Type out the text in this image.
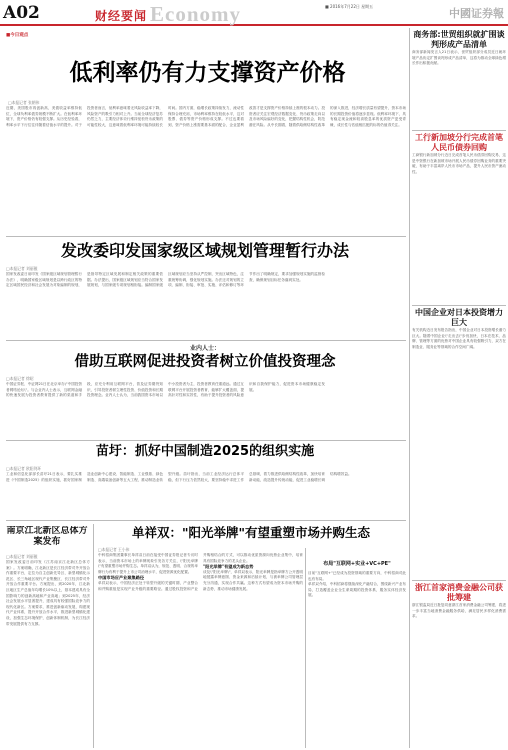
A02	财经要闻 Economy	■ 2016年7月22日 星期五
中國证券報
■今日观点
低利率仍有力支撑资产价格
□本报记者 张朝伟
近期，美国股市再创新高，美债收益率维持低位，全球负利率债券规模不断扩大。在低利率环境下，资产价格仍有较强支撑。从历史经验看，利率水平下行往往伴随着估值水平的提升。对于投资者而言，低利率意味着无风险收益率下降，风险资产的吸引力相对上升。当前全球经济复苏仍然乏力，主要经济体央行维持宽松货币政策的可能性较大，这意味着低利率环境可能持续较长时间。国内方面，稳增长政策持续发力，流动性保持合理充裕，市场利率维持在较低水平，这对股票、债券等资产价格形成支撑。不过也要看到，资产价格上涨需要基本面的配合，企业盈利改善才是支撑资产价格持续上涨的根本动力。投资者应关注宏观经济数据变化、货币政策走向以及市场风险偏好的变化，把握结构性机会，防范潜在风险。从中长期看，随着供给侧结构性改革的深入推进，经济增长质量有望提升，资本市场的长期投资价值将逐步显现。低利率环境下，具有稳定现金流和较高股息率的优质资产更受青睐，成长性与估值相匹配的标的仍值得关注。
发改委印发国家级区域规划管理暂行办法
□本报记者 刘丽靓
国家发改委日前印发《国家级区域规划管理暂行办法》，明确国家级区域规划是以跨行政区的特定区域国民经济和社会发展为对象编制的规划，是指导特定区域发展和制定相关政策的重要依据。办法提出，国家级区域规划应当符合国家发展规划，与国家级专项规划相衔接。编制国家级区域规划应当坚持从严控制，突出区域特色，注重统筹协调，强化规划实施。办法还对规划的立项、编制、衔接、审批、实施、评估和修订等环节作出了明确规定，要求加强规划实施的监督检查，确保规划目标任务落到实处。
业内人士：
借助互联网促进投资者树立价值投资理念
□本报记者 徐昭
中国证券报、中证网21日在北京举办\"中国投资者网络论坛\"。与会业内人士表示，互联网金融的快速发展为投资者教育提供了新的渠道和手段，应充分利用互联网平台，普及证券期货知识，引导投资者树立理性投资、价值投资和长期投资理念。业内人士认为，当前我国资本市场以中小投资者为主，投资者教育任重道远。通过互联网平台开展投资者教育，能够扩大覆盖面，提高针对性和实效性，有助于提升投资者的风险意识和自我保护能力，促进资本市场健康稳定发展。
苗圩：抓好中国制造2025的组织实施
□本报记者 欧阳剑环
工业和信息化部部长苗圩21日表示，要扎实推进《中国制造2025》的组织实施，抓好国家制造业创新中心建设、智能制造、工业强基、绿色制造、高端装备创新等五大工程，推动制造业转型升级。苗圩指出，当前工业经济运行总体平稳，但下行压力依然较大，要坚持稳中求进工作总基调，着力推进供给侧结构性改革，加快培育新动能，改造提升传统动能，促进工业稳增长调结构增效益。
南京江北新区总体方案发布
□本报记者 刘丽靓
国家发改委日前印发《江苏南京江北新区总体方案》。方案明确，江北新区是长江经济带对外开放合作重要平台，定位为自主创新先导区、新型城镇化示范区、长三角地区现代产业集聚区、长江经济带对外开放合作重要平台。方案提出，到2020年，江北新区地区生产总值年均增长10%以上，基本建成具有全国影响力的创新高地和产业高地；到2025年，经济社会发展水平显著提升，建成具有较强国际竞争力的现代化新区。方案要求，推进创新驱动发展，构建现代产业体系，提升开放合作水平，推进新型城镇化建设，加强生态环境保护，创新体制机制，为长江经济带发展提供有力支撑。
单祥双："阳光举牌"有望重塑市场并购生态
□本报记者 王小伟
中科招商集团董事长单祥双日前在接受中国证券报记者专访时表示，当前资本市场上的举牌现象引发各方关注，\"阳光举牌\"有望重塑市场并购生态。单祥双认为，规范、透明、合规的举牌行为有利于提升上市公司治理水平，促进资源优化配置。
中国市场应产业聚集路径
单祥双表示，中国经济正处于转型升级的关键时期，产业整合和并购重组是实现产业升级的重要路径。通过股权投资和产业并购相结合的方式，可以推动优质资源向优势企业集中，培育具有国际竞争力的龙头企业。
"阳光举牌"有望成为新态势
谈及\"阳光举牌\"，单祥双表示，阳光举牌是指举牌方公开透明地披露举牌意图、资金来源和后续计划，与被举牌公司管理层充分沟通，实现合作共赢。这种方式有望成为资本市场并购的新态势，推动市场健康发展。
布局"互联网+实业+VC+PE"
目前"互联网+"已经成为投资领域的重要方向，中科招商对此也有布局。
单祥双介绍，中科招商将继续深化产融结合，围绕新兴产业布局，打造覆盖企业全生命周期的投资体系，服务实体经济发展。
商务部:世贸组织就扩围谈判形成产品清单
商务部新闻发言人21日表示，世贸组织部分成员近日就环境产品协定扩围谈判形成产品清单，这将为推动全球绿色增长作出积极贡献。
工行新加坡分行完成首笔人民币债券回购
工商银行新加坡分行近日完成首笔人民币债券回购交易，这是中资银行在新加坡市场开展人民币债券回购业务的重要突破，有助于丰富离岸人民币市场产品，提升人民币资产流动性。
中国企业对日本投资增力巨大
有关机构近日发布报告指出，中国企业对日本投资增长潜力巨大。随着中国企业\"走出去\"步伐加快，日本在技术、品牌、管理等方面的优势对中国企业具有较强吸引力，双方在制造业、服务业等领域的合作空间广阔。
浙江首家消费金融公司获批筹建
浙江银监局近日批复同意浙江首家消费金融公司筹建，将进一步丰富当地消费金融服务供给，满足居民多样化消费需求。
